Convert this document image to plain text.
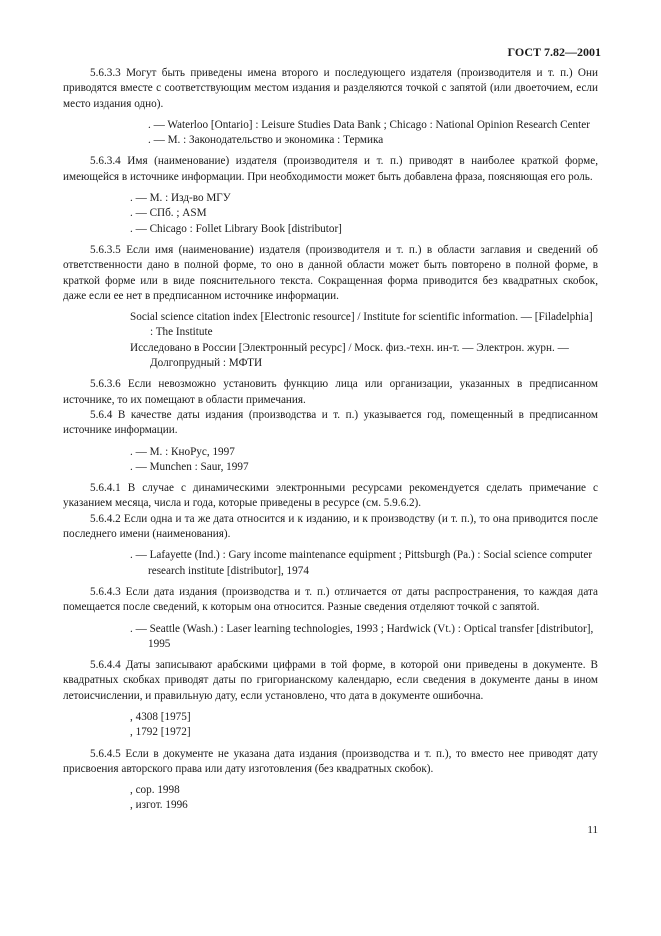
ГОСТ 7.82—2001

5.6.3.3 Могут быть приведены имена второго и последующего издателя (производителя и т. п.) Они приводятся вместе с соответствующим местом издания и разделяются точкой с запятой (или двоеточием, если место издания одно).

. — Waterloo [Ontario] : Leisure Studies Data Bank ; Chicago : National Opinion Research Center

. — М. : Законодательство и экономика : Термика

5.6.3.4 Имя (наименование) издателя (производителя и т. п.) приводят в наиболее краткой форме, имеющейся в источнике информации. При необходимости может быть добавлена фраза, поясняющая его роль.

. — М. : Изд-во МГУ

. — СПб. ; ASM

. — Chicago : Follet Library Book [distributor]

5.6.3.5 Если имя (наименование) издателя (производителя и т. п.) в области заглавия и сведений об ответственности дано в полной форме, то оно в данной области может быть повторено в полной форме, в краткой форме или в виде пояснительного текста. Сокращенная форма приводится без квадратных скобок, даже если ее нет в предписанном источнике информации.

Social science citation index [Electronic resource] / Institute for scientific information. — [Filadelphia] : The Institute

Исследовано в России [Электронный ресурс] / Моск. физ.-техн. ин-т. — Электрон. журн. — Долгопрудный : МФТИ

5.6.3.6 Если невозможно установить функцию лица или организации, указанных в предписанном источнике, то их помещают в области примечания.

5.6.4 В качестве даты издания (производства и т. п.) указывается год, помещенный в предписанном источнике информации.

. — М. : КноРус, 1997

. — Munchen : Saur, 1997

5.6.4.1 В случае с динамическими электронными ресурсами рекомендуется сделать примечание с указанием месяца, числа и года, которые приведены в ресурсе (см. 5.9.6.2).

5.6.4.2 Если одна и та же дата относится и к изданию, и к производству (и т. п.), то она приводится после последнего имени (наименования).

. — Lafayette (Ind.) : Gary income maintenance equipment ; Pittsburgh (Pa.) : Social science computer research institute [distributor], 1974

5.6.4.3 Если дата издания (производства и т. п.) отличается от даты распространения, то каждая дата помещается после сведений, к которым она относится. Разные сведения отделяют точкой с запятой.

. — Seattle (Wash.) : Laser learning technologies, 1993 ; Hardwick (Vt.) : Optical transfer [distributor], 1995

5.6.4.4 Даты записывают арабскими цифрами в той форме, в которой они приведены в документе. В квадратных скобках приводят даты по григорианскому календарю, если сведения в документе даны в ином летоисчислении, и правильную дату, если установлено, что дата в документе ошибочна.

, 4308 [1975]

, 1792 [1972]

5.6.4.5 Если в документе не указана дата издания (производства и т. п.), то вместо нее приводят дату присвоения авторского права или дату изготовления (без квадратных скобок).

, cop. 1998

, изгот. 1996

11
